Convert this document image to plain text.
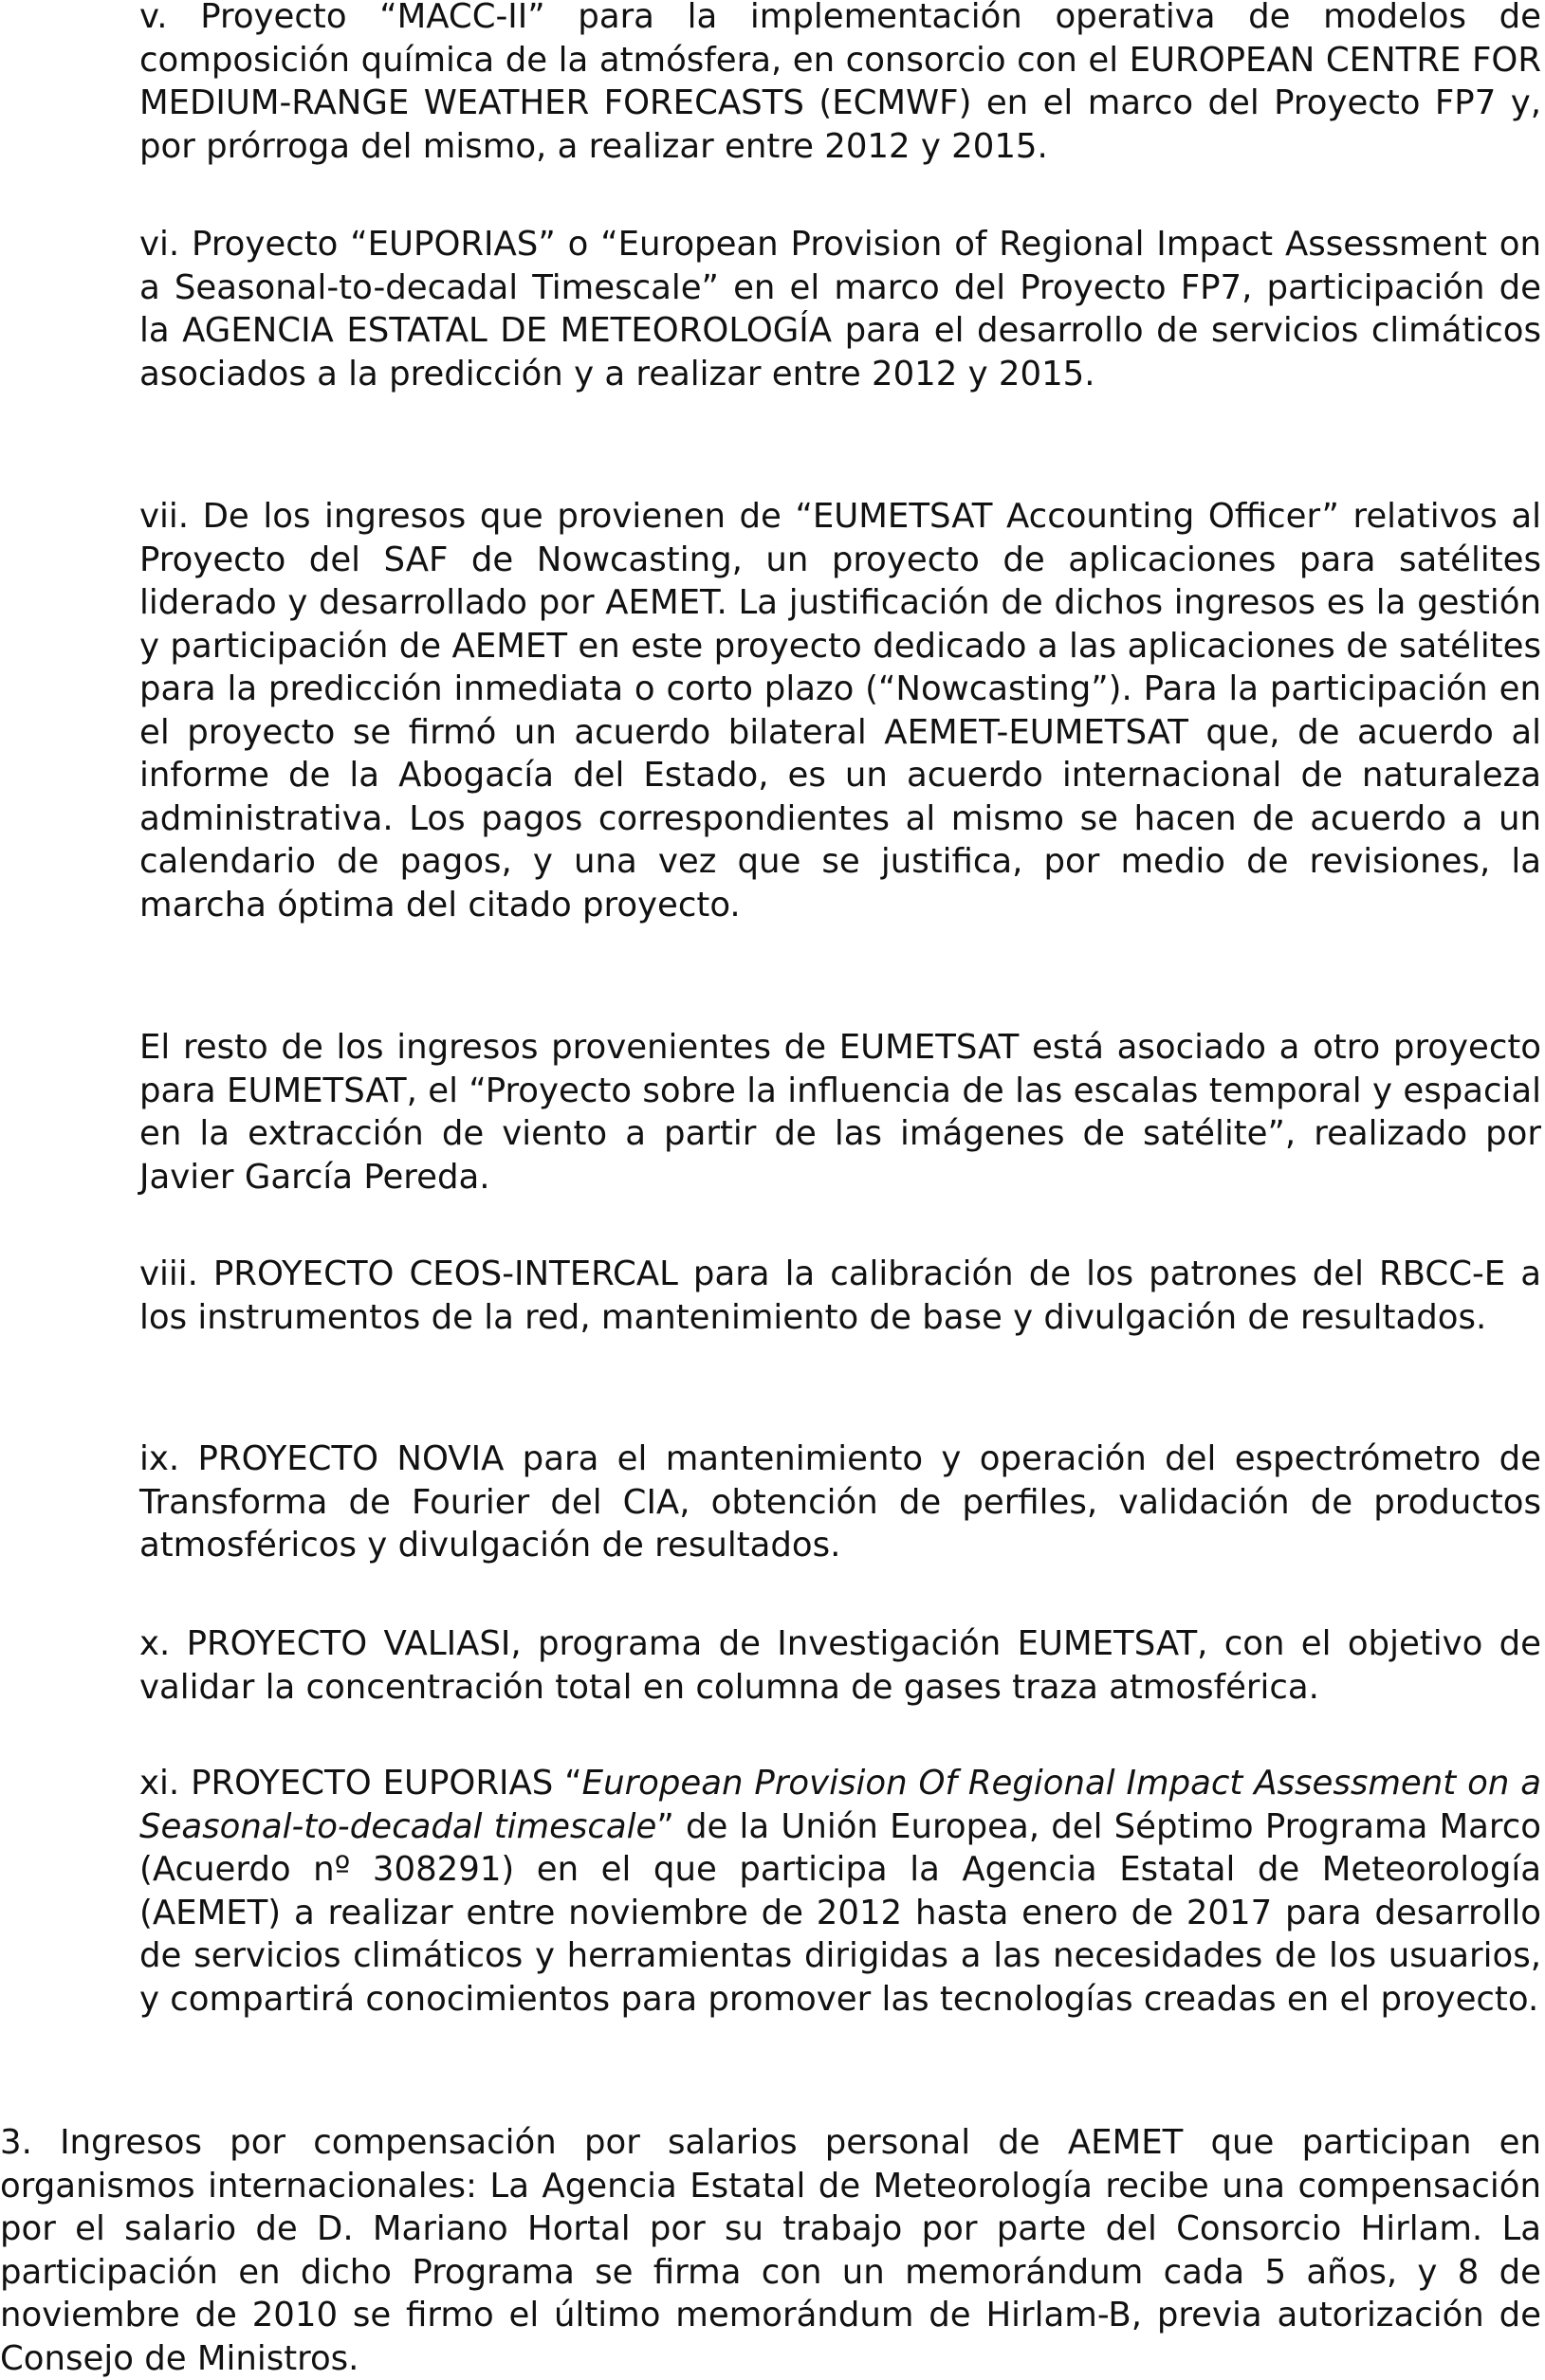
v. Proyecto “MACC-II” para la implementación operativa de modelos de composición química de la atmósfera, en consorcio con el EUROPEAN CENTRE FOR MEDIUM-RANGE WEATHER FORECASTS (ECMWF) en el marco del Proyecto FP7 y, por prórroga del mismo, a realizar entre 2012 y 2015.

vi. Proyecto “EUPORIAS” o “European Provision of Regional Impact Assessment on a Seasonal-to-decadal Timescale” en el marco del Proyecto FP7, participación de la AGENCIA ESTATAL DE METEOROLOGÍA para el desarrollo de servicios climáticos asociados a la predicción y a realizar entre 2012 y 2015.

vii. De los ingresos que provienen de “EUMETSAT Accounting Officer” relativos al Proyecto del SAF de Nowcasting, un proyecto de aplicaciones para satélites liderado y desarrollado por AEMET. La justificación de dichos ingresos es la gestión y participación de AEMET en este proyecto dedicado a las aplicaciones de satélites para la predicción inmediata o corto plazo (“Nowcasting”). Para la participación en el proyecto se firmó un acuerdo bilateral AEMET-EUMETSAT que, de acuerdo al informe de la Abogacía del Estado, es un acuerdo internacional de naturaleza administrativa. Los pagos correspondientes al mismo se hacen de acuerdo a un calendario de pagos, y una vez que se justifica, por medio de revisiones, la marcha óptima del citado proyecto.

El resto de los ingresos provenientes de EUMETSAT está asociado a otro proyecto para EUMETSAT, el “Proyecto sobre la influencia de las escalas temporal y espacial en la extracción de viento a partir de las imágenes de satélite”, realizado por Javier García Pereda.

viii. PROYECTO CEOS-INTERCAL para la calibración de los patrones del RBCC-E a los instrumentos de la red, mantenimiento de base y divulgación de resultados.

ix. PROYECTO NOVIA para el mantenimiento y operación del espectrómetro de Transforma de Fourier del CIA, obtención de perfiles, validación de productos atmosféricos y divulgación de resultados.

x. PROYECTO VALIASI, programa de Investigación EUMETSAT, con el objetivo de validar la concentración total en columna de gases traza atmosférica.

xi. PROYECTO EUPORIAS “European Provision Of Regional Impact Assessment on a Seasonal-to-decadal timescale” de la Unión Europea, del Séptimo Programa Marco (Acuerdo nº 308291) en el que participa la Agencia Estatal de Meteorología (AEMET) a realizar entre noviembre de 2012 hasta enero de 2017 para desarrollo de servicios climáticos y herramientas dirigidas a las necesidades de los usuarios, y compartirá conocimientos para promover las tecnologías creadas en el proyecto.

3. Ingresos por compensación por salarios personal de AEMET que participan en organismos internacionales: La Agencia Estatal de Meteorología recibe una compensación por el salario de D. Mariano Hortal por su trabajo por parte del Consorcio Hirlam. La participación en dicho Programa se firma con un memorándum cada 5 años, y 8 de noviembre de 2010 se firmo el último memorándum de Hirlam-B, previa autorización de Consejo de Ministros.
